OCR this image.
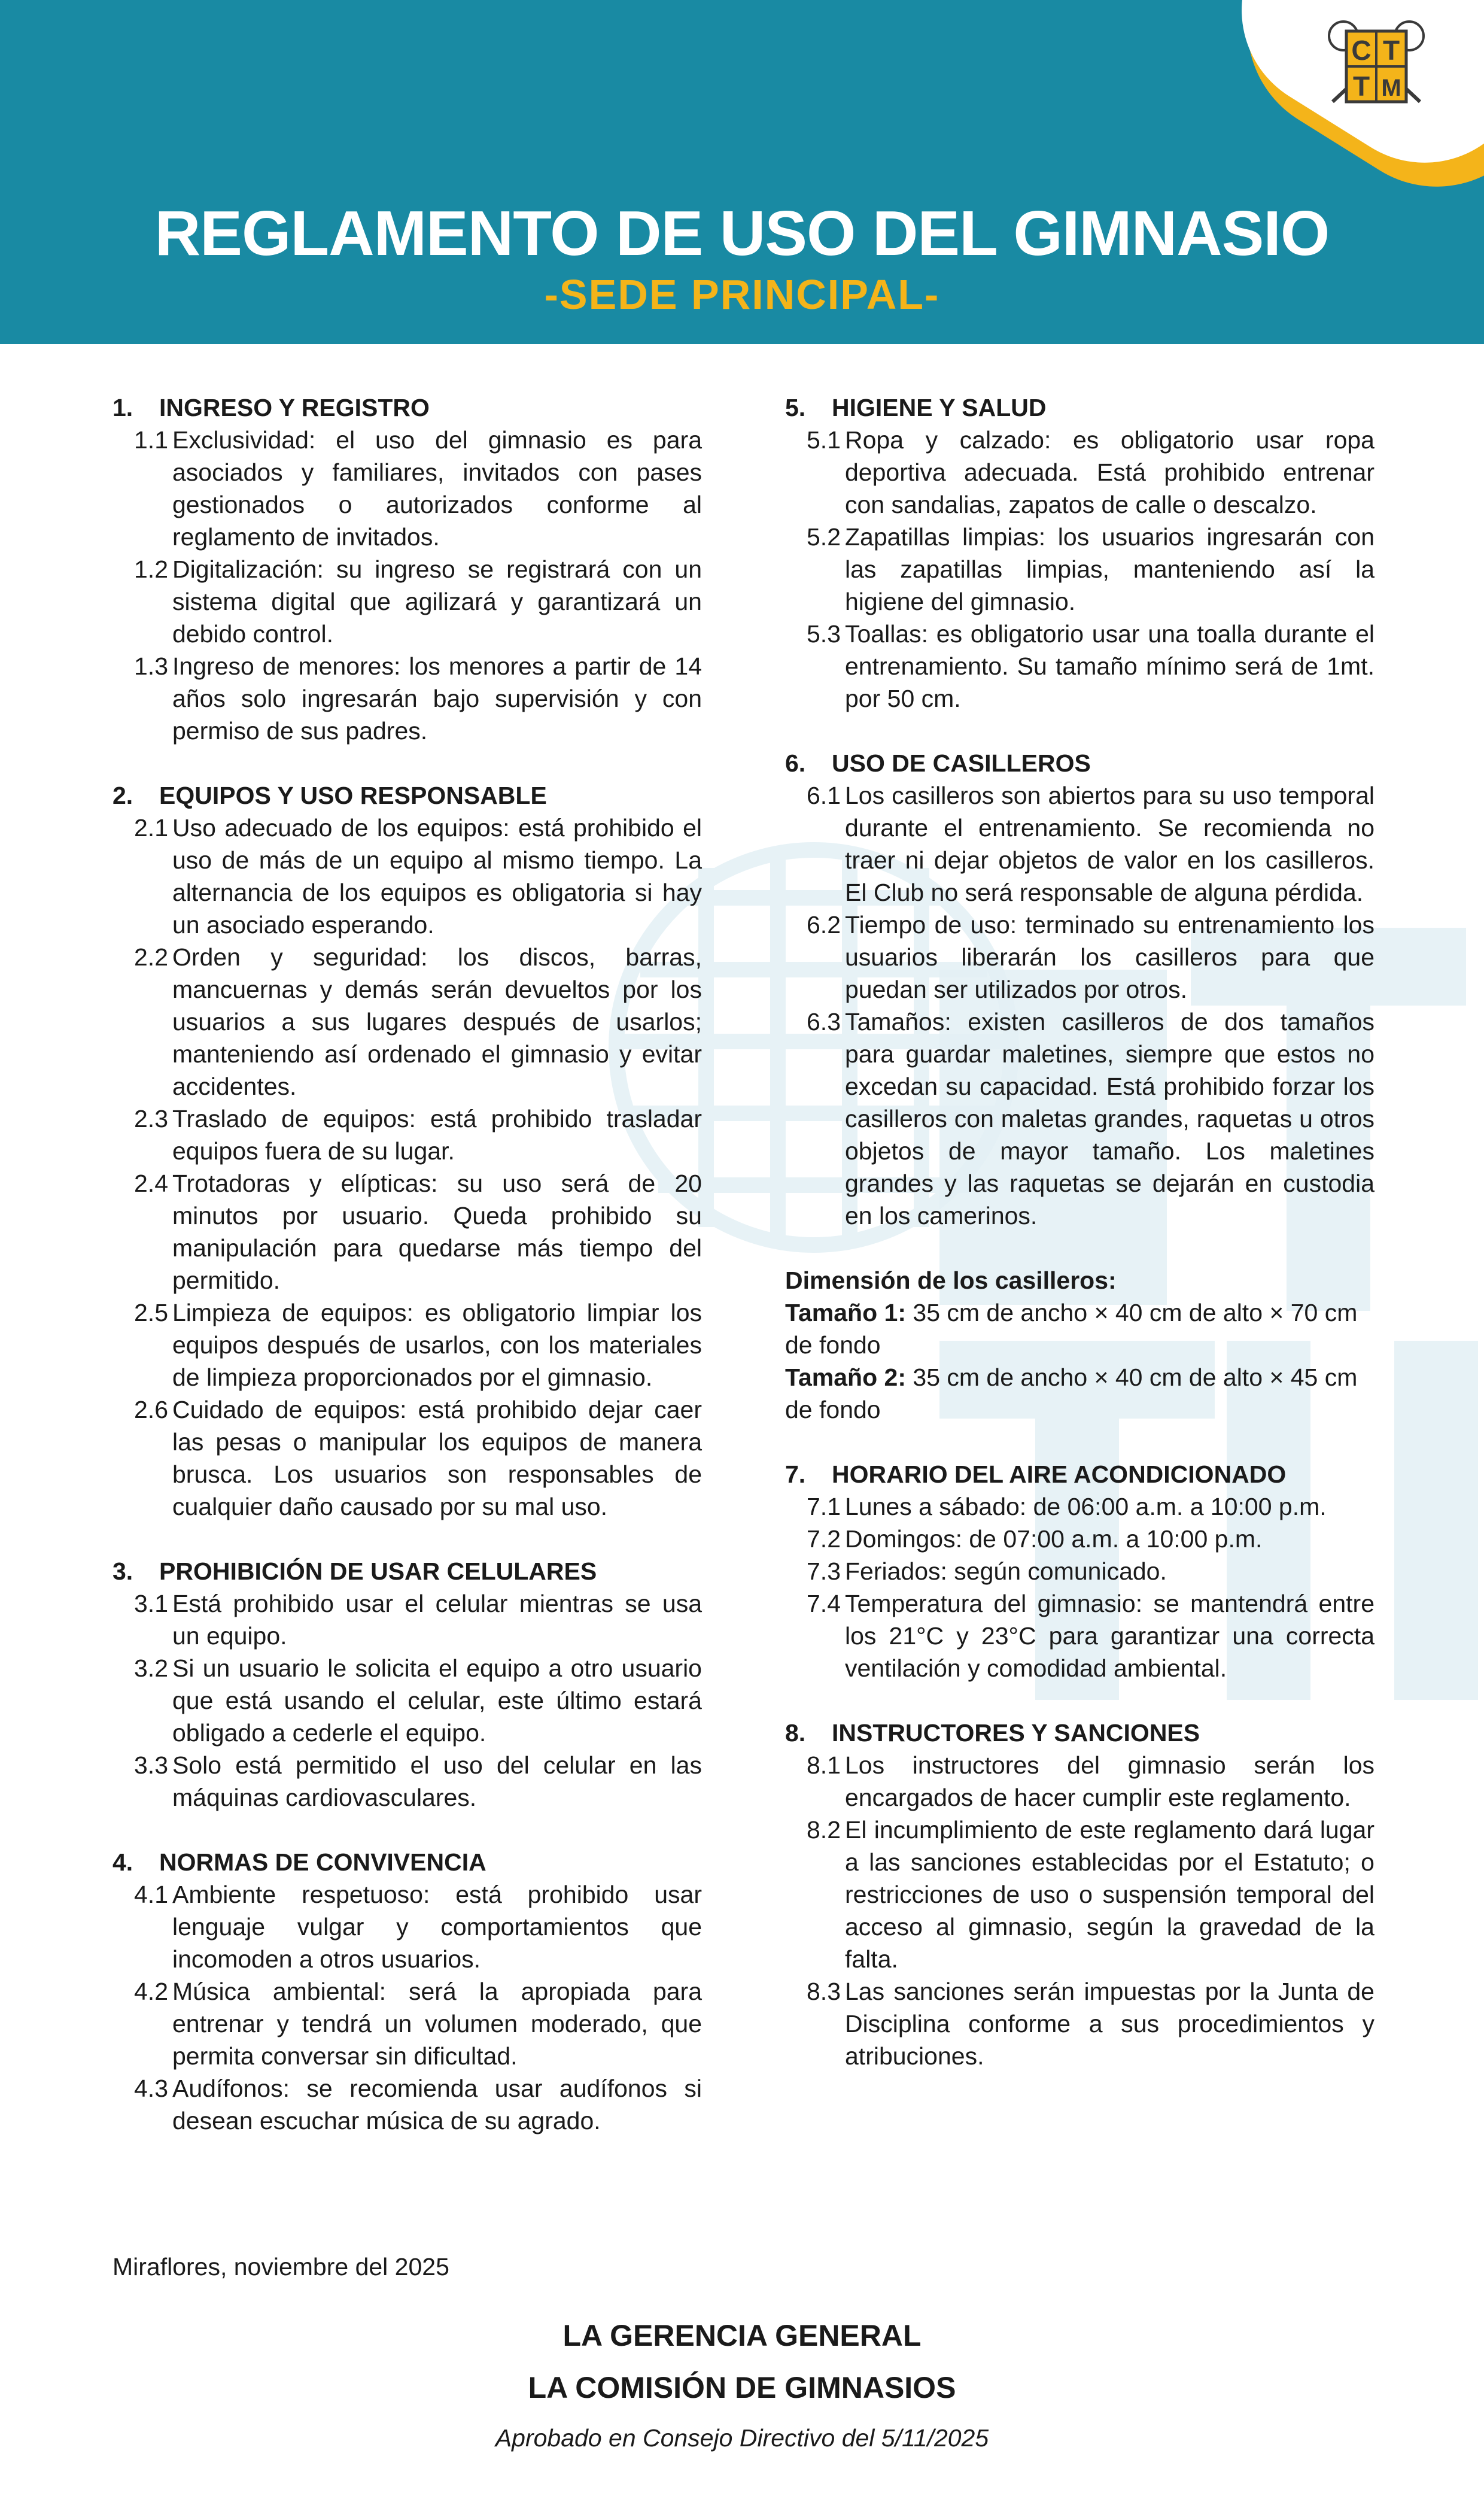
C T
T M
REGLAMENTO DE USO DEL GIMNASIO
-SEDE PRINCIPAL-
1.	INGRESO Y REGISTRO
1.1 Exclusividad: el uso del gimnasio es para asociados y familiares, invitados con pases gestionados o autorizados conforme al reglamento de invitados.
1.2 Digitalización: su ingreso se registrará con un sistema digital que agilizará y garantizará un debido control.
1.3 Ingreso de menores: los menores a partir de 14 años solo ingresarán bajo supervisión y con permiso de sus padres.
2.	EQUIPOS Y USO RESPONSABLE
2.1 Uso adecuado de los equipos: está prohibido el uso de más de un equipo al mismo tiempo. La alternancia de los equipos es obligatoria si hay un asociado esperando.
2.2 Orden y seguridad: los discos, barras, mancuernas y demás serán devueltos por los usuarios a sus lugares después de usarlos; manteniendo así ordenado el gimnasio y evitar accidentes.
2.3 Traslado de equipos: está prohibido trasladar equipos fuera de su lugar.
2.4 Trotadoras y elípticas: su uso será de 20 minutos por usuario. Queda prohibido su manipulación para quedarse más tiempo del permitido.
2.5 Limpieza de equipos: es obligatorio limpiar los equipos después de usarlos, con los materiales de limpieza proporcionados por el gimnasio.
2.6 Cuidado de equipos: está prohibido dejar caer las pesas o manipular los equipos de manera brusca. Los usuarios son responsables de cualquier daño causado por su mal uso.
3.	PROHIBICIÓN DE USAR CELULARES
3.1 Está prohibido usar el celular mientras se usa un equipo.
3.2 Si un usuario le solicita el equipo a otro usuario que está usando el celular, este último estará obligado a cederle el equipo.
3.3 Solo está permitido el uso del celular en las máquinas cardiovasculares.
4.	NORMAS DE CONVIVENCIA
4.1 Ambiente respetuoso: está prohibido usar lenguaje vulgar y comportamientos que incomoden a otros usuarios.
4.2 Música ambiental: será la apropiada para entrenar y tendrá un volumen moderado, que permita conversar sin dificultad.
4.3 Audífonos: se recomienda usar audífonos si desean escuchar música de su agrado.
5.	HIGIENE Y SALUD
5.1 Ropa y calzado: es obligatorio usar ropa deportiva adecuada. Está prohibido entrenar con sandalias, zapatos de calle o descalzo.
5.2 Zapatillas limpias: los usuarios ingresarán con las zapatillas limpias, manteniendo así la higiene del gimnasio.
5.3 Toallas: es obligatorio usar una toalla durante el entrenamiento. Su tamaño mínimo será de 1mt. por 50 cm.
6.	USO DE CASILLEROS
6.1 Los casilleros son abiertos para su uso temporal durante el entrenamiento. Se recomienda no traer ni dejar objetos de valor en los casilleros. El Club no será responsable de alguna pérdida.
6.2 Tiempo de uso: terminado su entrenamiento los usuarios liberarán los casilleros para que puedan ser utilizados por otros.
6.3 Tamaños: existen casilleros de dos tamaños para guardar maletines, siempre que estos no excedan su capacidad. Está prohibido forzar los casilleros con maletas grandes, raquetas u otros objetos de mayor tamaño. Los maletines grandes y las raquetas se dejarán en custodia en los camerinos.
Dimensión de los casilleros:
Tamaño 1: 35 cm de ancho × 40 cm de alto × 70 cm de fondo
Tamaño 2: 35 cm de ancho × 40 cm de alto × 45 cm de fondo
7.	HORARIO DEL AIRE ACONDICIONADO
7.1 Lunes a sábado: de 06:00 a.m. a 10:00 p.m.
7.2 Domingos: de 07:00 a.m. a 10:00 p.m.
7.3 Feriados: según comunicado.
7.4 Temperatura del gimnasio: se mantendrá entre los 21°C y 23°C para garantizar una correcta ventilación y comodidad ambiental.
8.	INSTRUCTORES Y SANCIONES
8.1 Los instructores del gimnasio serán los encargados de hacer cumplir este reglamento.
8.2 El incumplimiento de este reglamento dará lugar a las sanciones establecidas por el Estatuto; o restricciones de uso o suspensión temporal del acceso al gimnasio, según la gravedad de la falta.
8.3 Las sanciones serán impuestas por la Junta de Disciplina conforme a sus procedimientos y atribuciones.
Miraflores, noviembre del 2025
LA GERENCIA GENERAL
LA COMISIÓN DE GIMNASIOS
Aprobado en Consejo Directivo del 5/11/2025
